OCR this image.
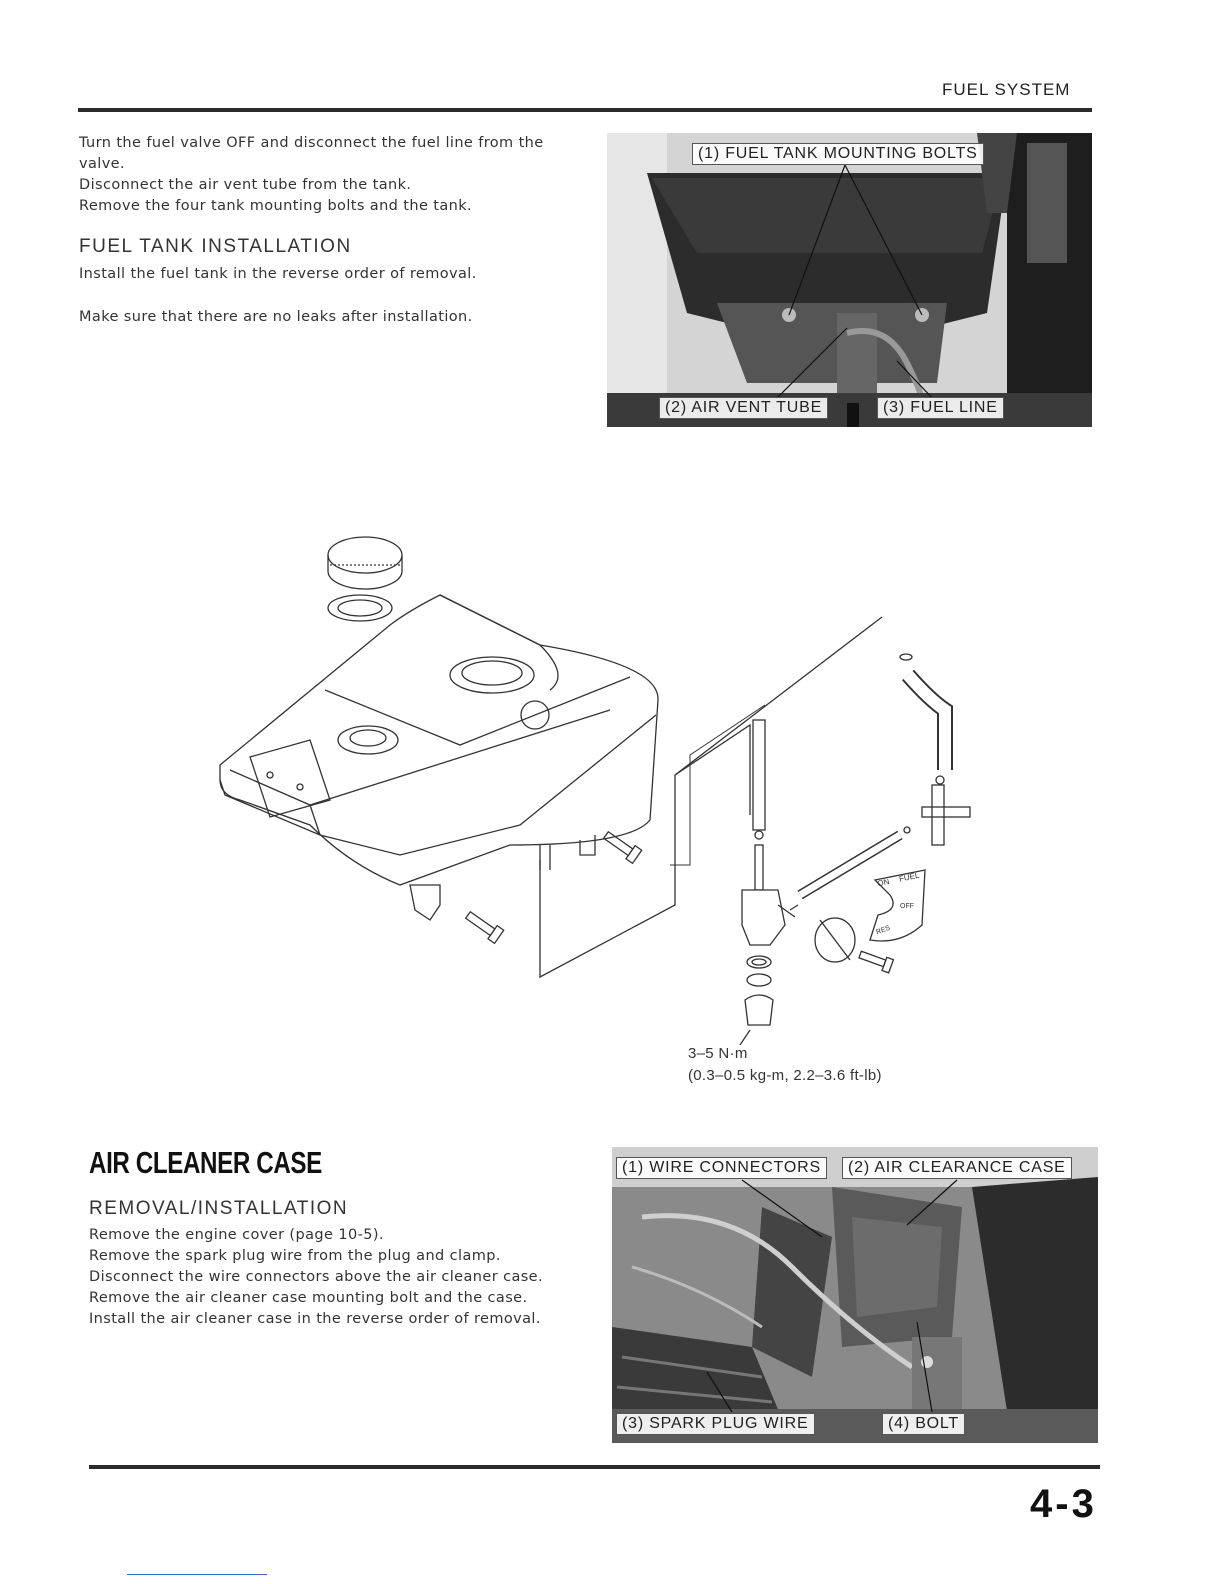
FUEL SYSTEM
Turn the fuel valve OFF and disconnect the fuel line from the
valve.
Disconnect the air vent tube from the tank.
Remove the four tank mounting bolts and the tank.
FUEL TANK INSTALLATION
Install the fuel tank in the reverse order of removal.
Make sure that there are no leaks after installation.
(1) FUEL TANK MOUNTING BOLTS
(2) AIR VENT TUBE	(3) FUEL LINE
ON FUEL
OFF
RES
3–5 N·m
(0.3–0.5 kg-m, 2.2–3.6 ft-lb)
AIR CLEANER CASE
REMOVAL/INSTALLATION
Remove the engine cover (page 10-5).
Remove the spark plug wire from the plug and clamp.
Disconnect the wire connectors above the air cleaner case.
Remove the air cleaner case mounting bolt and the case.
Install the air cleaner case in the reverse order of removal.
(1) WIRE CONNECTORS	(2) AIR CLEARANCE CASE
(3) SPARK PLUG WIRE	(4) BOLT
4-3
